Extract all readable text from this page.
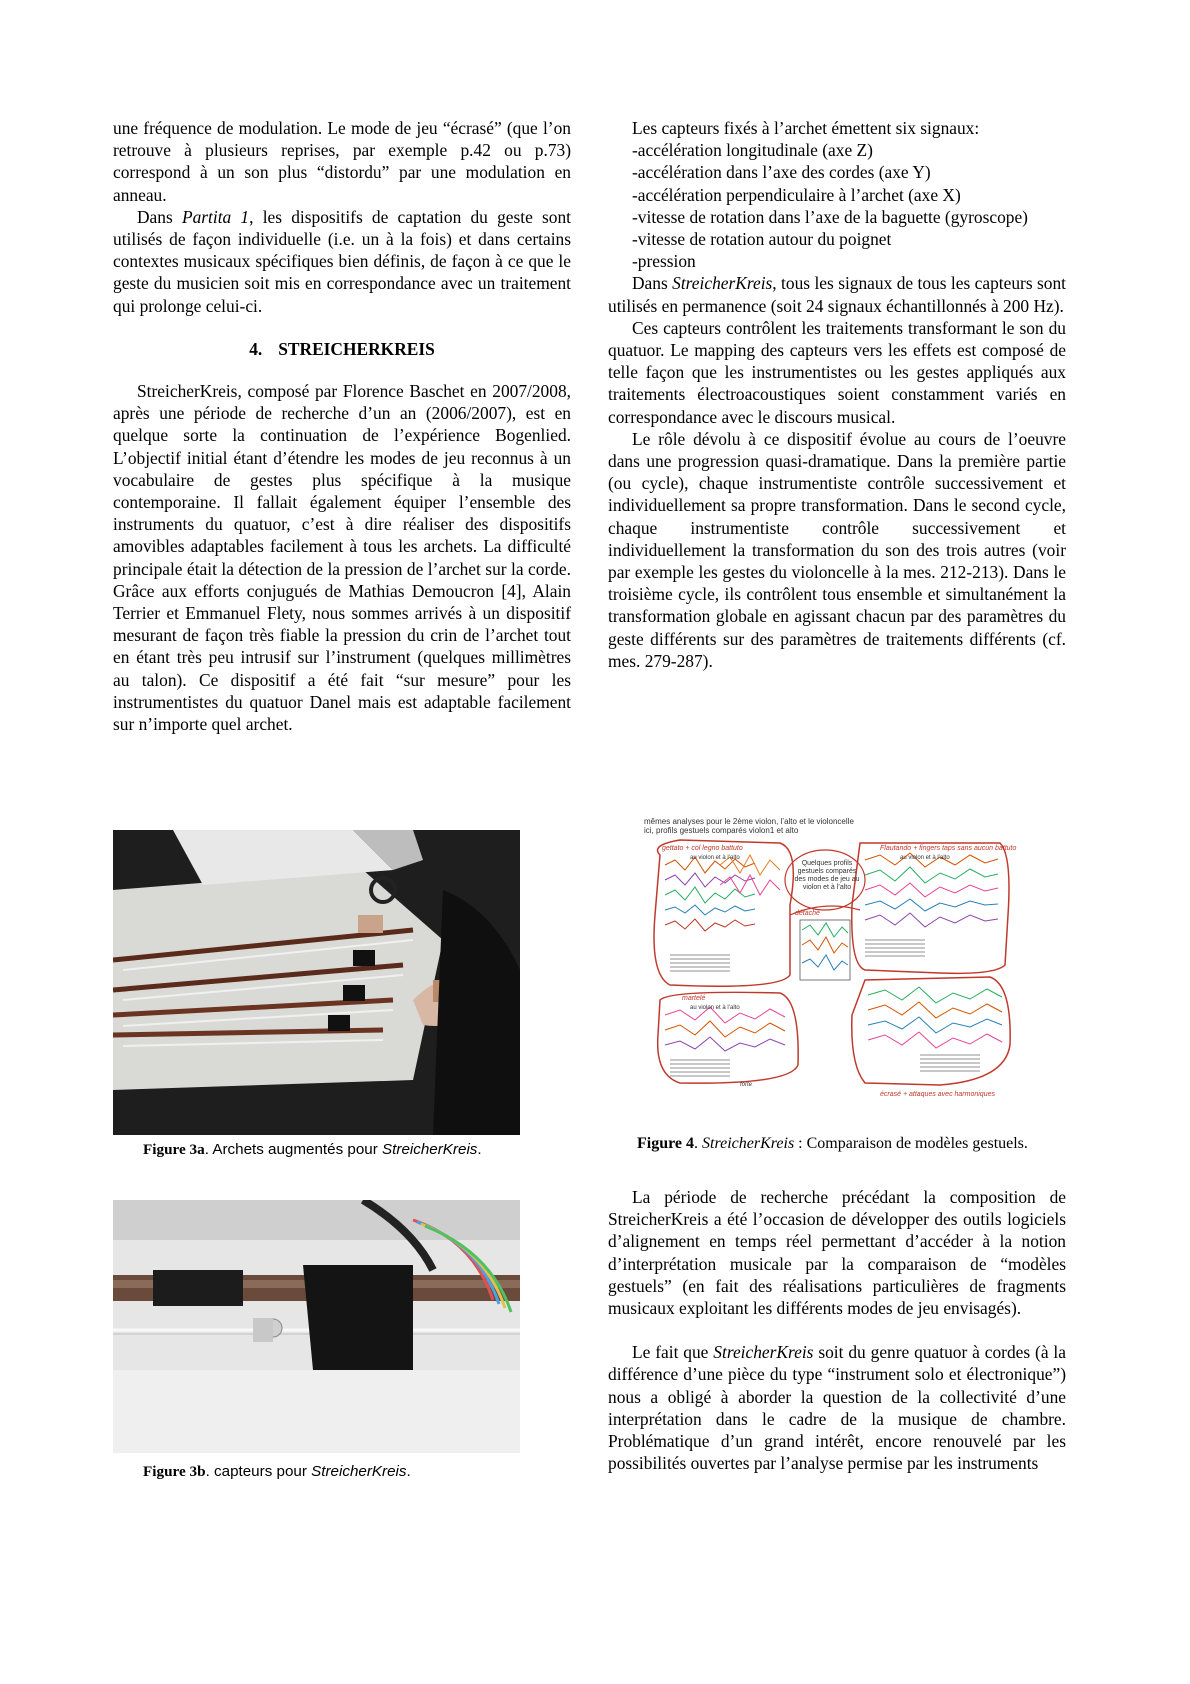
une fréquence de modulation. Le mode de jeu “écrasé” (que l’on retrouve à plusieurs reprises, par exemple p.42 ou p.73) correspond à un son plus “distordu” par une modulation en anneau.

Dans Partita 1, les dispositifs de captation du geste sont utilisés de façon individuelle (i.e. un à la fois) et dans certains contextes musicaux spécifiques bien définis, de façon à ce que le geste du musicien soit mis en correspondance avec un traitement qui prolonge celui-ci.

4. STREICHERKREIS

StreicherKreis, composé par Florence Baschet en 2007/2008, après une période de recherche d’un an (2006/2007), est en quelque sorte la continuation de l’expérience Bogenlied. L’objectif initial étant d’étendre les modes de jeu reconnus à un vocabulaire de gestes plus spécifique à la musique contemporaine. Il fallait également équiper l’ensemble des instruments du quatuor, c’est à dire réaliser des dispositifs amovibles adaptables facilement à tous les archets. La difficulté principale était la détection de la pression de l’archet sur la corde. Grâce aux efforts conjugués de Mathias Demoucron [4], Alain Terrier et Emmanuel Flety, nous sommes arrivés à un dispositif mesurant de façon très fiable la pression du crin de l’archet tout en étant très peu intrusif sur l’instrument (quelques millimètres au talon). Ce dispositif a été fait “sur mesure” pour les instrumentistes du quatuor Danel mais est adaptable facilement sur n’importe quel archet.

Figure 3a. Archets augmentés pour StreicherKreis.
Figure 3b. capteurs pour StreicherKreis.

Les capteurs fixés à l’archet émettent six signaux:

-accélération longitudinale (axe Z)

-accélération dans l’axe des cordes (axe Y)

-accélération perpendiculaire à l’archet (axe X)

-vitesse de rotation dans l’axe de la baguette (gyroscope)

-vitesse de rotation autour du poignet

-pression

Dans StreicherKreis, tous les signaux de tous les capteurs sont utilisés en permanence (soit 24 signaux échantillonnés à 200 Hz).

Ces capteurs contrôlent les traitements transformant le son du quatuor. Le mapping des capteurs vers les effets est composé de telle façon que les instrumentistes ou les gestes appliqués aux traitements électroacoustiques soient constamment variés en correspondance avec le discours musical.

Le rôle dévolu à ce dispositif évolue au cours de l’oeuvre dans une progression quasi-dramatique. Dans la première partie (ou cycle), chaque instrumentiste contrôle successivement et individuellement sa propre transformation. Dans le second cycle, chaque instrumentiste contrôle successivement et individuellement la transformation du son des trois autres (voir par exemple les gestes du violoncelle à la mes. 212-213). Dans le troisième cycle, ils contrôlent tous ensemble et simultanément la transformation globale en agissant chacun par des paramètres du geste différents sur des paramètres de traitements différents (cf. mes. 279-287).

mêmes analyses pour le 2ème violon, l’alto et le violoncelle
ici, profils gestuels comparés violon1 et alto
Quelques profils gestuels comparés des modes de jeu au violon et à l’alto
gettato + col legno battuto	Flautando + fingers taps sans aucun battuto
détaché
martelé
écrasé + attaques avec harmoniques
au violon et à l’alto	au violon et à l’alto
au violon et à l’alto
forte
Figure 4. StreicherKreis : Comparaison de modèles gestuels.

La période de recherche précédant la composition de StreicherKreis a été l’occasion de développer des outils logiciels d’alignement en temps réel permettant d’accéder à la notion d’interprétation musicale par la comparaison de “modèles gestuels” (en fait des réalisations particulières de fragments musicaux exploitant les différents modes de jeu envisagés).

Le fait que StreicherKreis soit du genre quatuor à cordes (à la différence d’une pièce du type “instrument solo et électronique”) nous a obligé à aborder la question de la collectivité d’une interprétation dans le cadre de la musique de chambre. Problématique d’un grand intérêt, encore renouvelé par les possibilités ouvertes par l’analyse permise par les instruments
